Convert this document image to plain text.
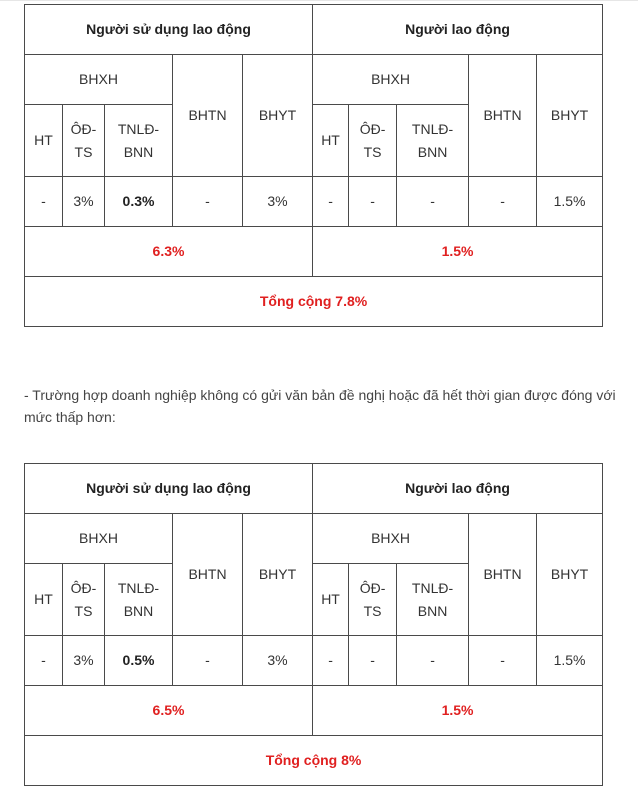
Người sử dụng lao động					Người lao động				
BHXH			BHTN	BHYT	BHXH			BHTN	BHYT
HT	ÔĐ-TS	TNLĐ-BNN			HT	ÔĐ-TS	TNLĐ-BNN		
-	3%	0.3%	-	3%	-	-	-	-	1.5%
6.3%					1.5%				
Tổng cộng 7.8%									

- Trường hợp doanh nghiệp không có gửi văn bản đề nghị hoặc đã hết thời gian được đóng với mức thấp hơn:

Người sử dụng lao động					Người lao động				
BHXH			BHTN	BHYT	BHXH			BHTN	BHYT
HT	ÔĐ-TS	TNLĐ-BNN			HT	ÔĐ-TS	TNLĐ-BNN		
-	3%	0.5%	-	3%	-	-	-	-	1.5%
6.5%					1.5%				
Tổng cộng 8%									
